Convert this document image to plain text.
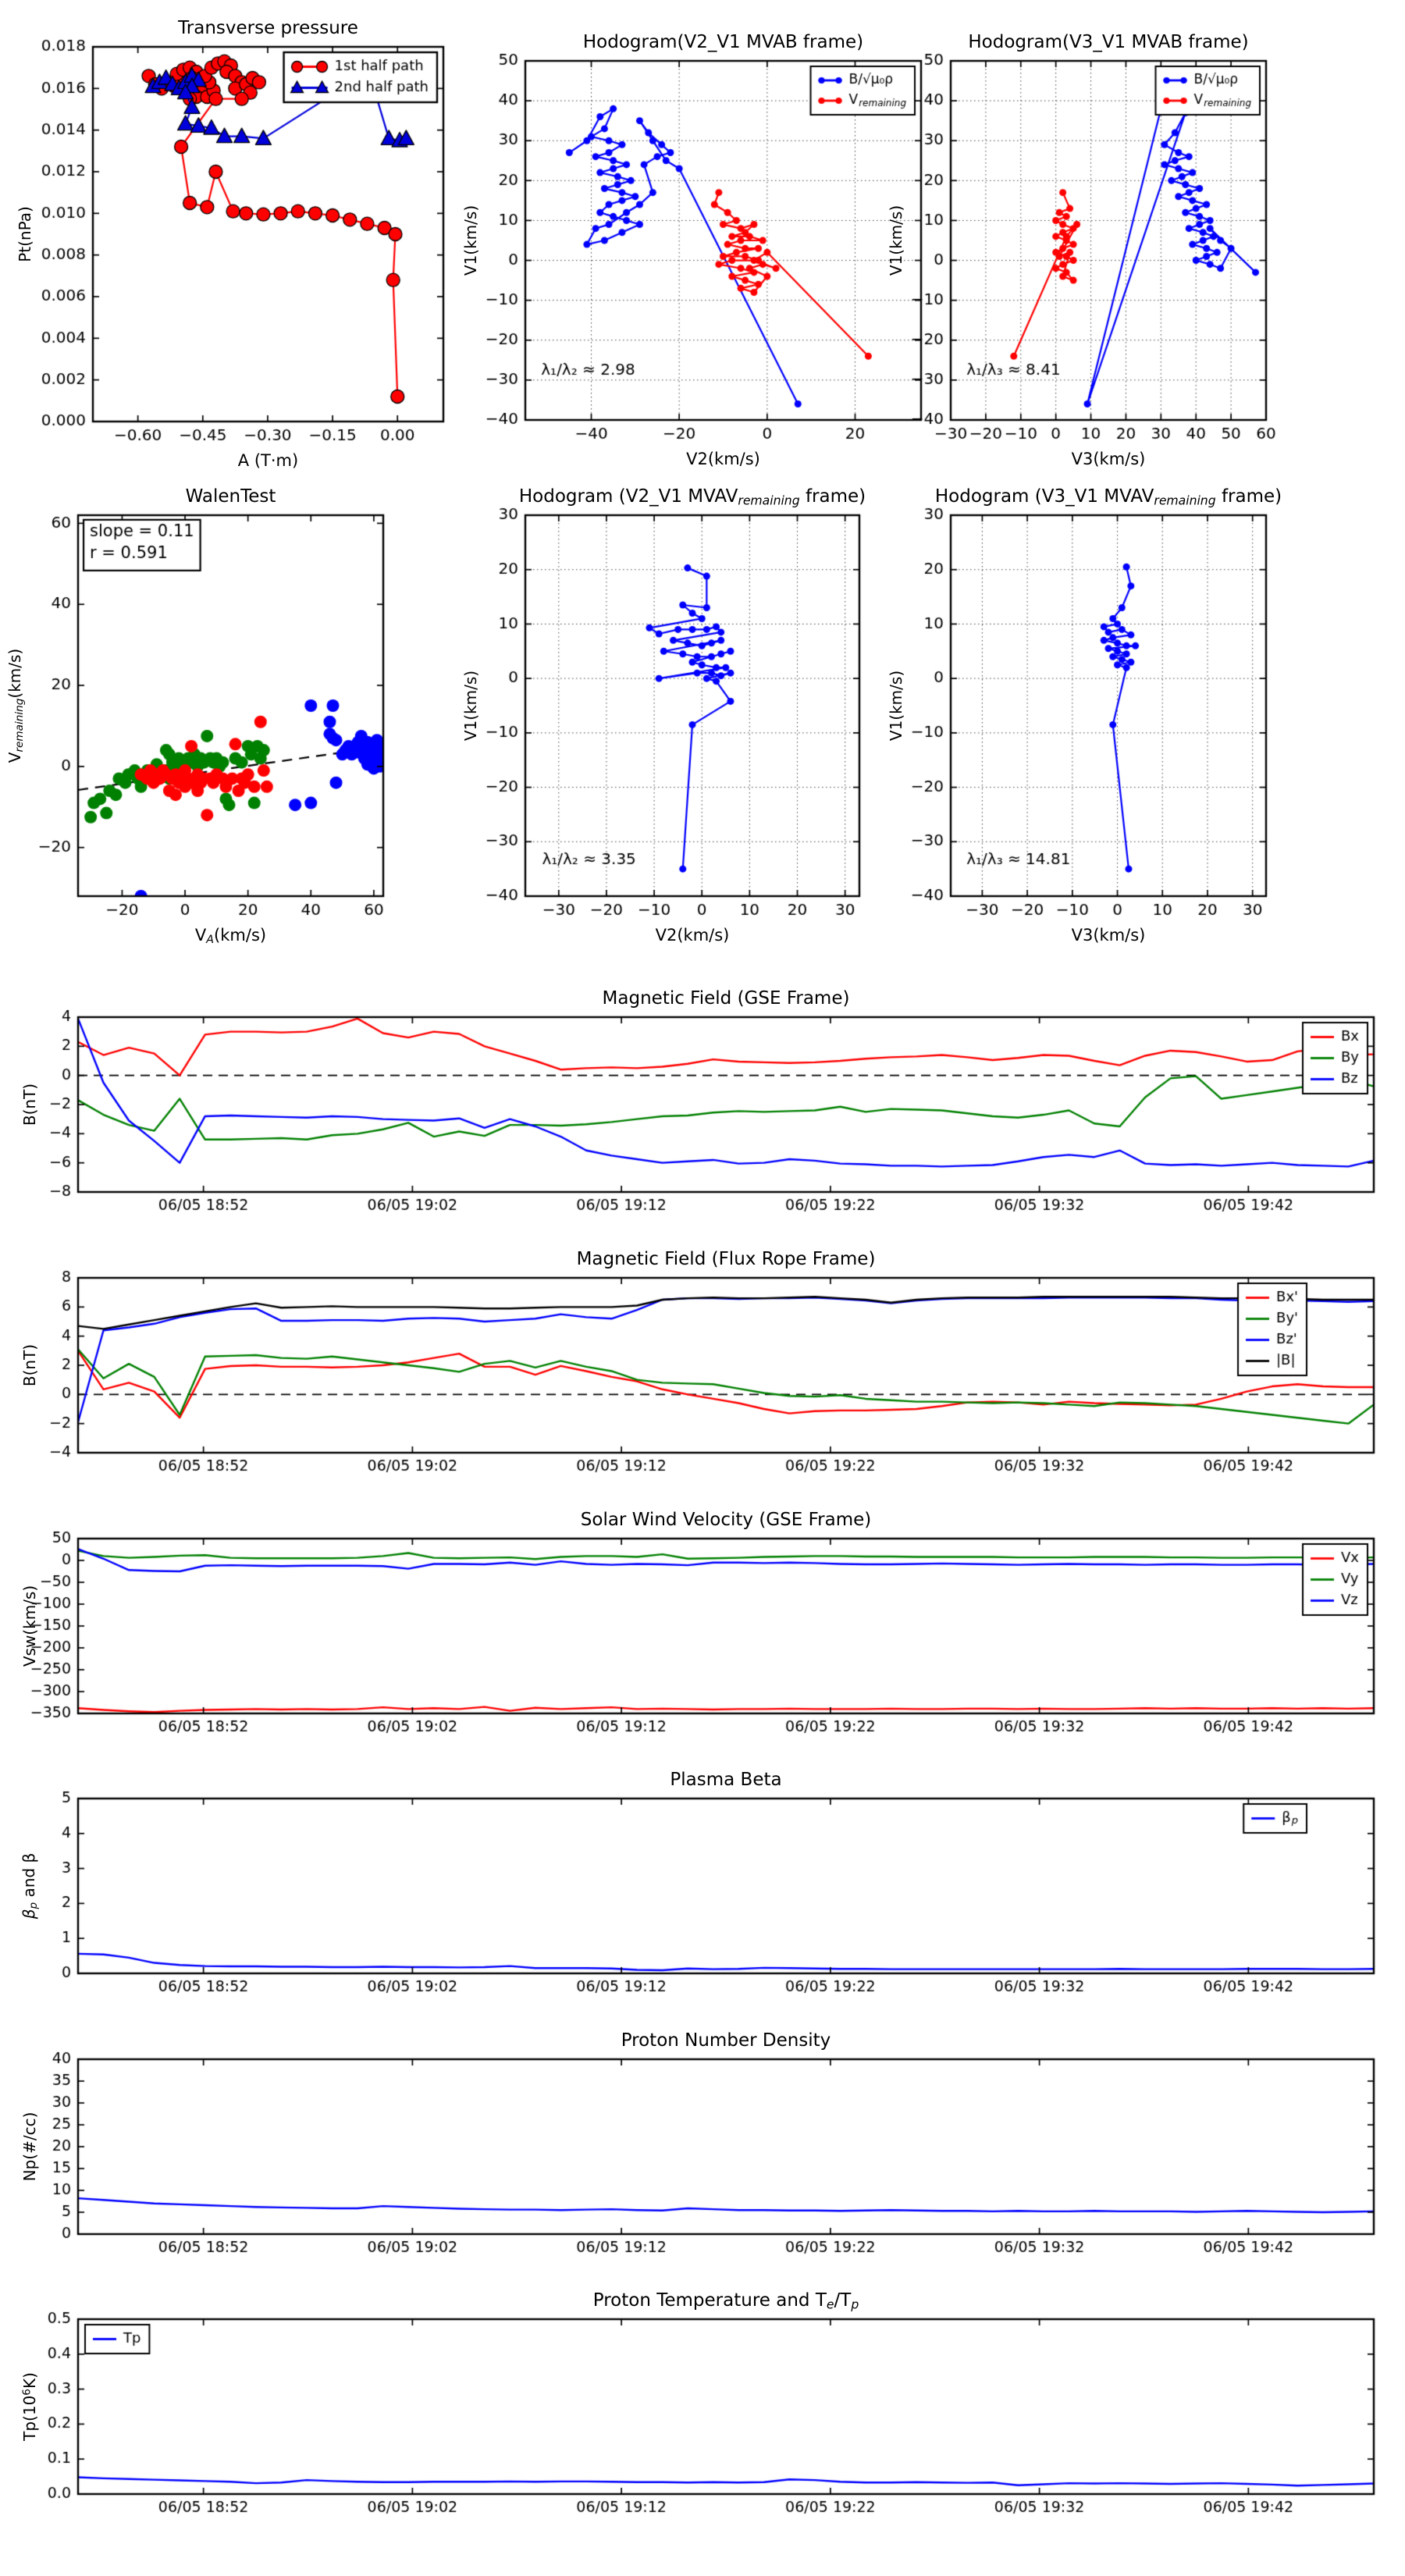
Transverse pressure
A (T·m)
Pt(nPa)
Hodogram(V2_V1 MVAB frame)
V2(km/s)
V1(km/s)
Hodogram(V3_V1 MVAB frame)
V3(km/s)
V1(km/s)
WalenTest
VA(km/s)
Vremaining(km/s)
Hodogram (V2_V1 MVAVremaining frame)
V2(km/s)
V1(km/s)
Hodogram (V3_V1 MVAVremaining frame)
V3(km/s)
V1(km/s)
Magnetic Field (GSE Frame)
B(nT)
Magnetic Field (Flux Rope Frame)
B(nT)
Solar Wind Velocity (GSE Frame)
Vsw(km/s)
Plasma Beta
βp and β
Proton Number Density
Np(#/cc)
Proton Temperature and Te/Tp
$Tp(10^6K)$
